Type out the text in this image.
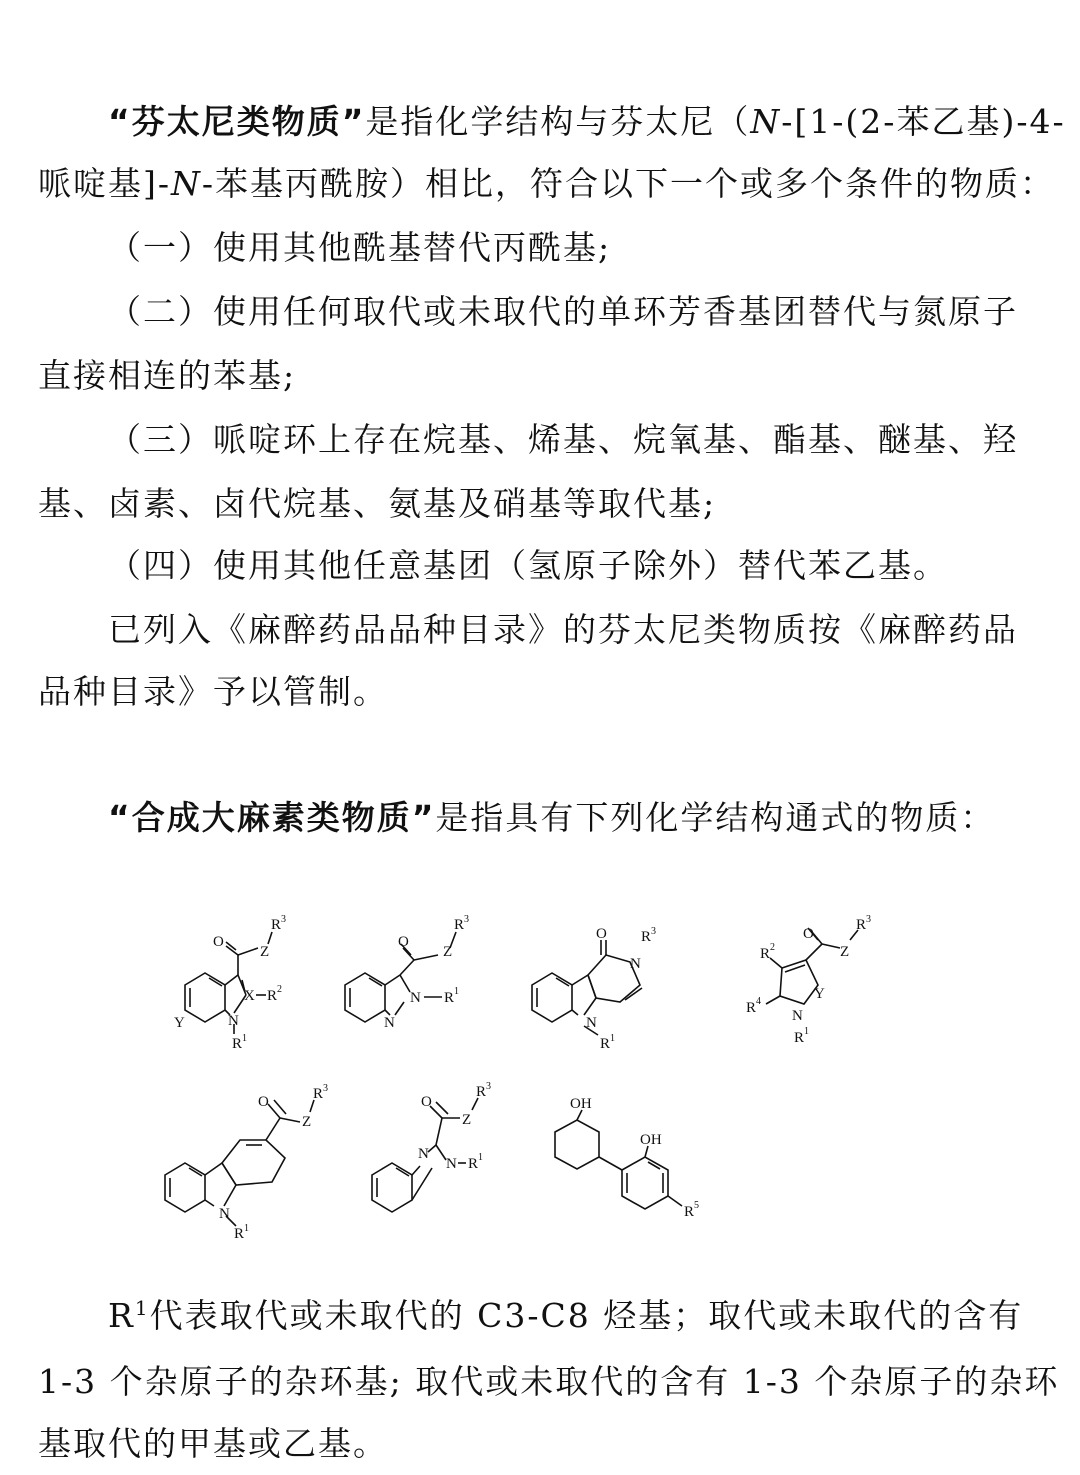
“芬太尼类物质”是指化学结构与芬太尼（N-[1-(2-苯乙基)-4-
哌啶基]-N-苯基丙酰胺）相比，符合以下一个或多个条件的物质：
（一）使用其他酰基替代丙酰基;
（二）使用任何取代或未取代的单环芳香基团替代与氮原子
直接相连的苯基;
（三）哌啶环上存在烷基、烯基、烷氧基、酯基、醚基、羟
基、卤素、卤代烷基、氨基及硝基等取代基;
（四）使用其他任意基团（氢原子除外）替代苯乙基。
已列入《麻醉药品品种目录》的芬太尼类物质按《麻醉药品
品种目录》予以管制。
“合成大麻素类物质”是指具有下列化学结构通式的物质：
O
Z
R 3
X R 2
Y	N
R 1
O
Z
R 3
N R 1
N
O
N
R 3
N
R 1
O
Z
R 3
R 2
Y
R 4
N
R 1
O
Z
R 3
N
R 1
O
Z
R 3
N
N R 1
OH
OH
R 5
$R^1$代表取代或未取代的 C3-C8 烃基；取代或未取代的含有
1-3 个杂原子的杂环基; 取代或未取代的含有 1-3 个杂原子的杂环
基取代的甲基或乙基。
